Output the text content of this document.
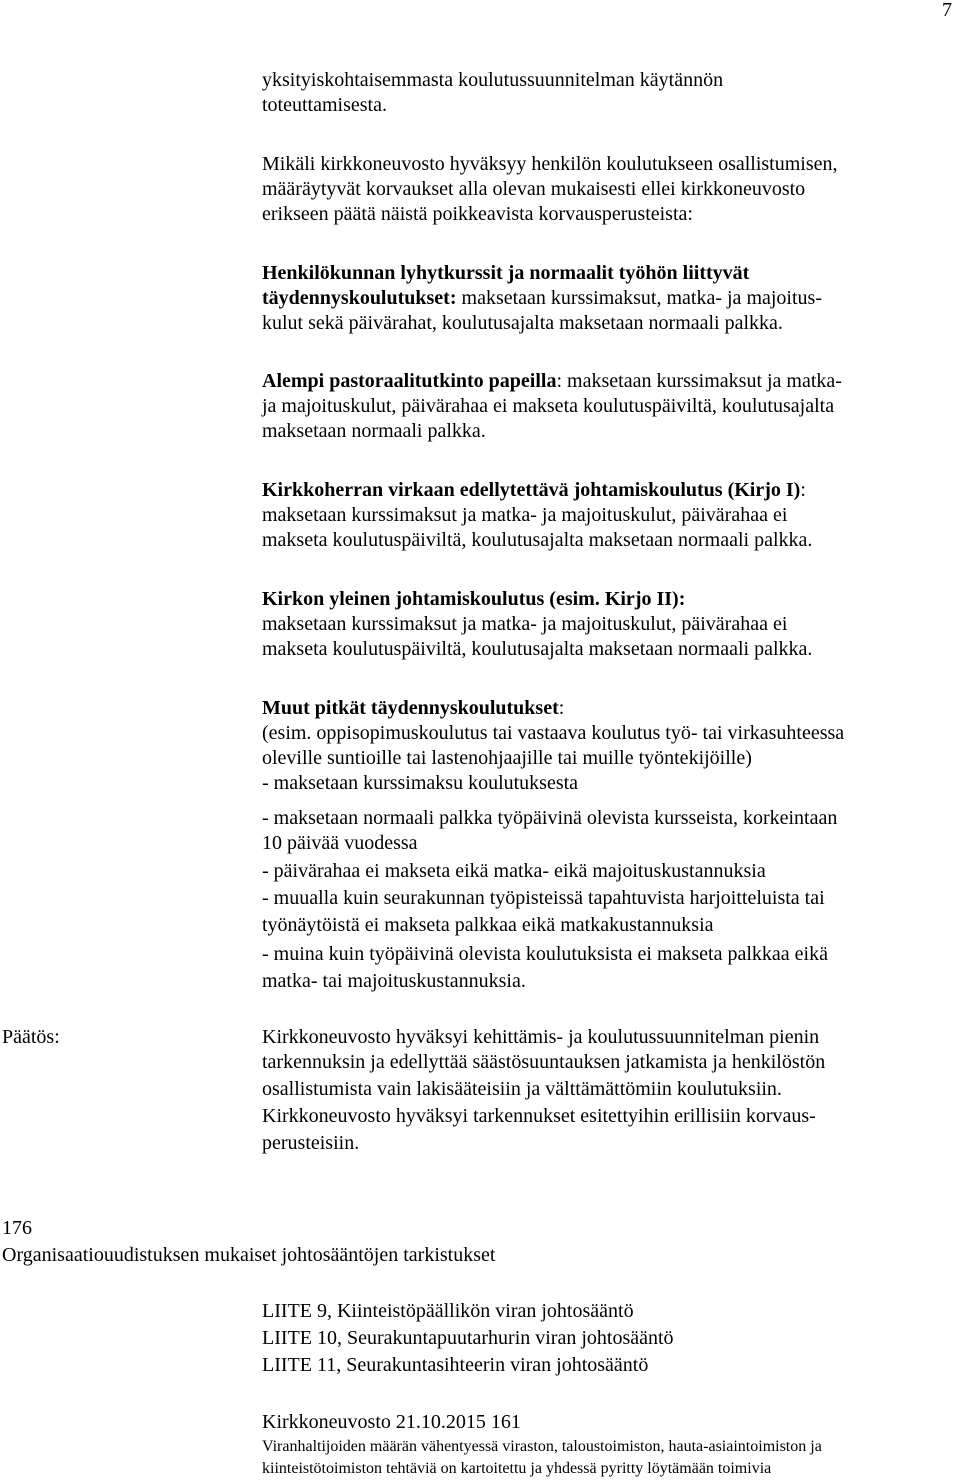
7
yksityiskohtaisemmasta koulutussuunnitelman käytännön
toteuttamisesta.
Mikäli kirkkoneuvosto hyväksyy henkilön koulutukseen osallistumisen,
määräytyvät korvaukset alla olevan mukaisesti ellei kirkkoneuvosto
erikseen päätä näistä poikkeavista korvausperusteista:
Henkilökunnan lyhytkurssit ja normaalit työhön liittyvät
täydennyskoulutukset: maksetaan kurssimaksut, matka- ja majoitus-
kulut sekä päivärahat, koulutusajalta maksetaan normaali palkka.
Alempi pastoraalitutkinto papeilla: maksetaan kurssimaksut ja matka-
ja majoituskulut, päivärahaa ei makseta koulutuspäiviltä, koulutusajalta
maksetaan normaali palkka.
Kirkkoherran virkaan edellytettävä johtamiskoulutus (Kirjo I):
maksetaan kurssimaksut ja matka- ja majoituskulut, päivärahaa ei
makseta koulutuspäiviltä, koulutusajalta maksetaan normaali palkka.
Kirkon yleinen johtamiskoulutus (esim. Kirjo II):
maksetaan kurssimaksut ja matka- ja majoituskulut, päivärahaa ei
makseta koulutuspäiviltä, koulutusajalta maksetaan normaali palkka.
Muut pitkät täydennyskoulutukset:
(esim. oppisopimuskoulutus tai vastaava koulutus työ- tai virkasuhteessa
oleville suntioille tai lastenohjaajille tai muille työntekijöille)
- maksetaan kurssimaksu koulutuksesta
- maksetaan normaali palkka työpäivinä olevista kursseista, korkeintaan
10 päivää vuodessa
- päivärahaa ei makseta eikä matka- eikä majoituskustannuksia
- muualla kuin seurakunnan työpisteissä tapahtuvista harjoitteluista tai
työnäytöistä ei makseta palkkaa eikä matkakustannuksia
- muina kuin työpäivinä olevista koulutuksista ei makseta palkkaa eikä
matka- tai majoituskustannuksia.
Päätös:	Kirkkoneuvosto hyväksyi kehittämis- ja koulutussuunnitelman pienin
tarkennuksin ja edellyttää säästösuuntauksen jatkamista ja henkilöstön
osallistumista vain lakisääteisiin ja välttämättömiin koulutuksiin.
Kirkkoneuvosto hyväksyi tarkennukset esitettyihin erillisiin korvaus-
perusteisiin.
176
Organisaatiouudistuksen mukaiset johtosääntöjen tarkistukset
LIITE 9, Kiinteistöpäällikön viran johtosääntö
LIITE 10, Seurakuntapuutarhurin viran johtosääntö
LIITE 11, Seurakuntasihteerin viran johtosääntö
Kirkkoneuvosto 21.10.2015 161
Viranhaltijoiden määrän vähentyessä viraston, taloustoimiston, hauta-asiaintoimiston ja
kiinteistötoimiston tehtäviä on kartoitettu ja yhdessä pyritty löytämään toimivia
